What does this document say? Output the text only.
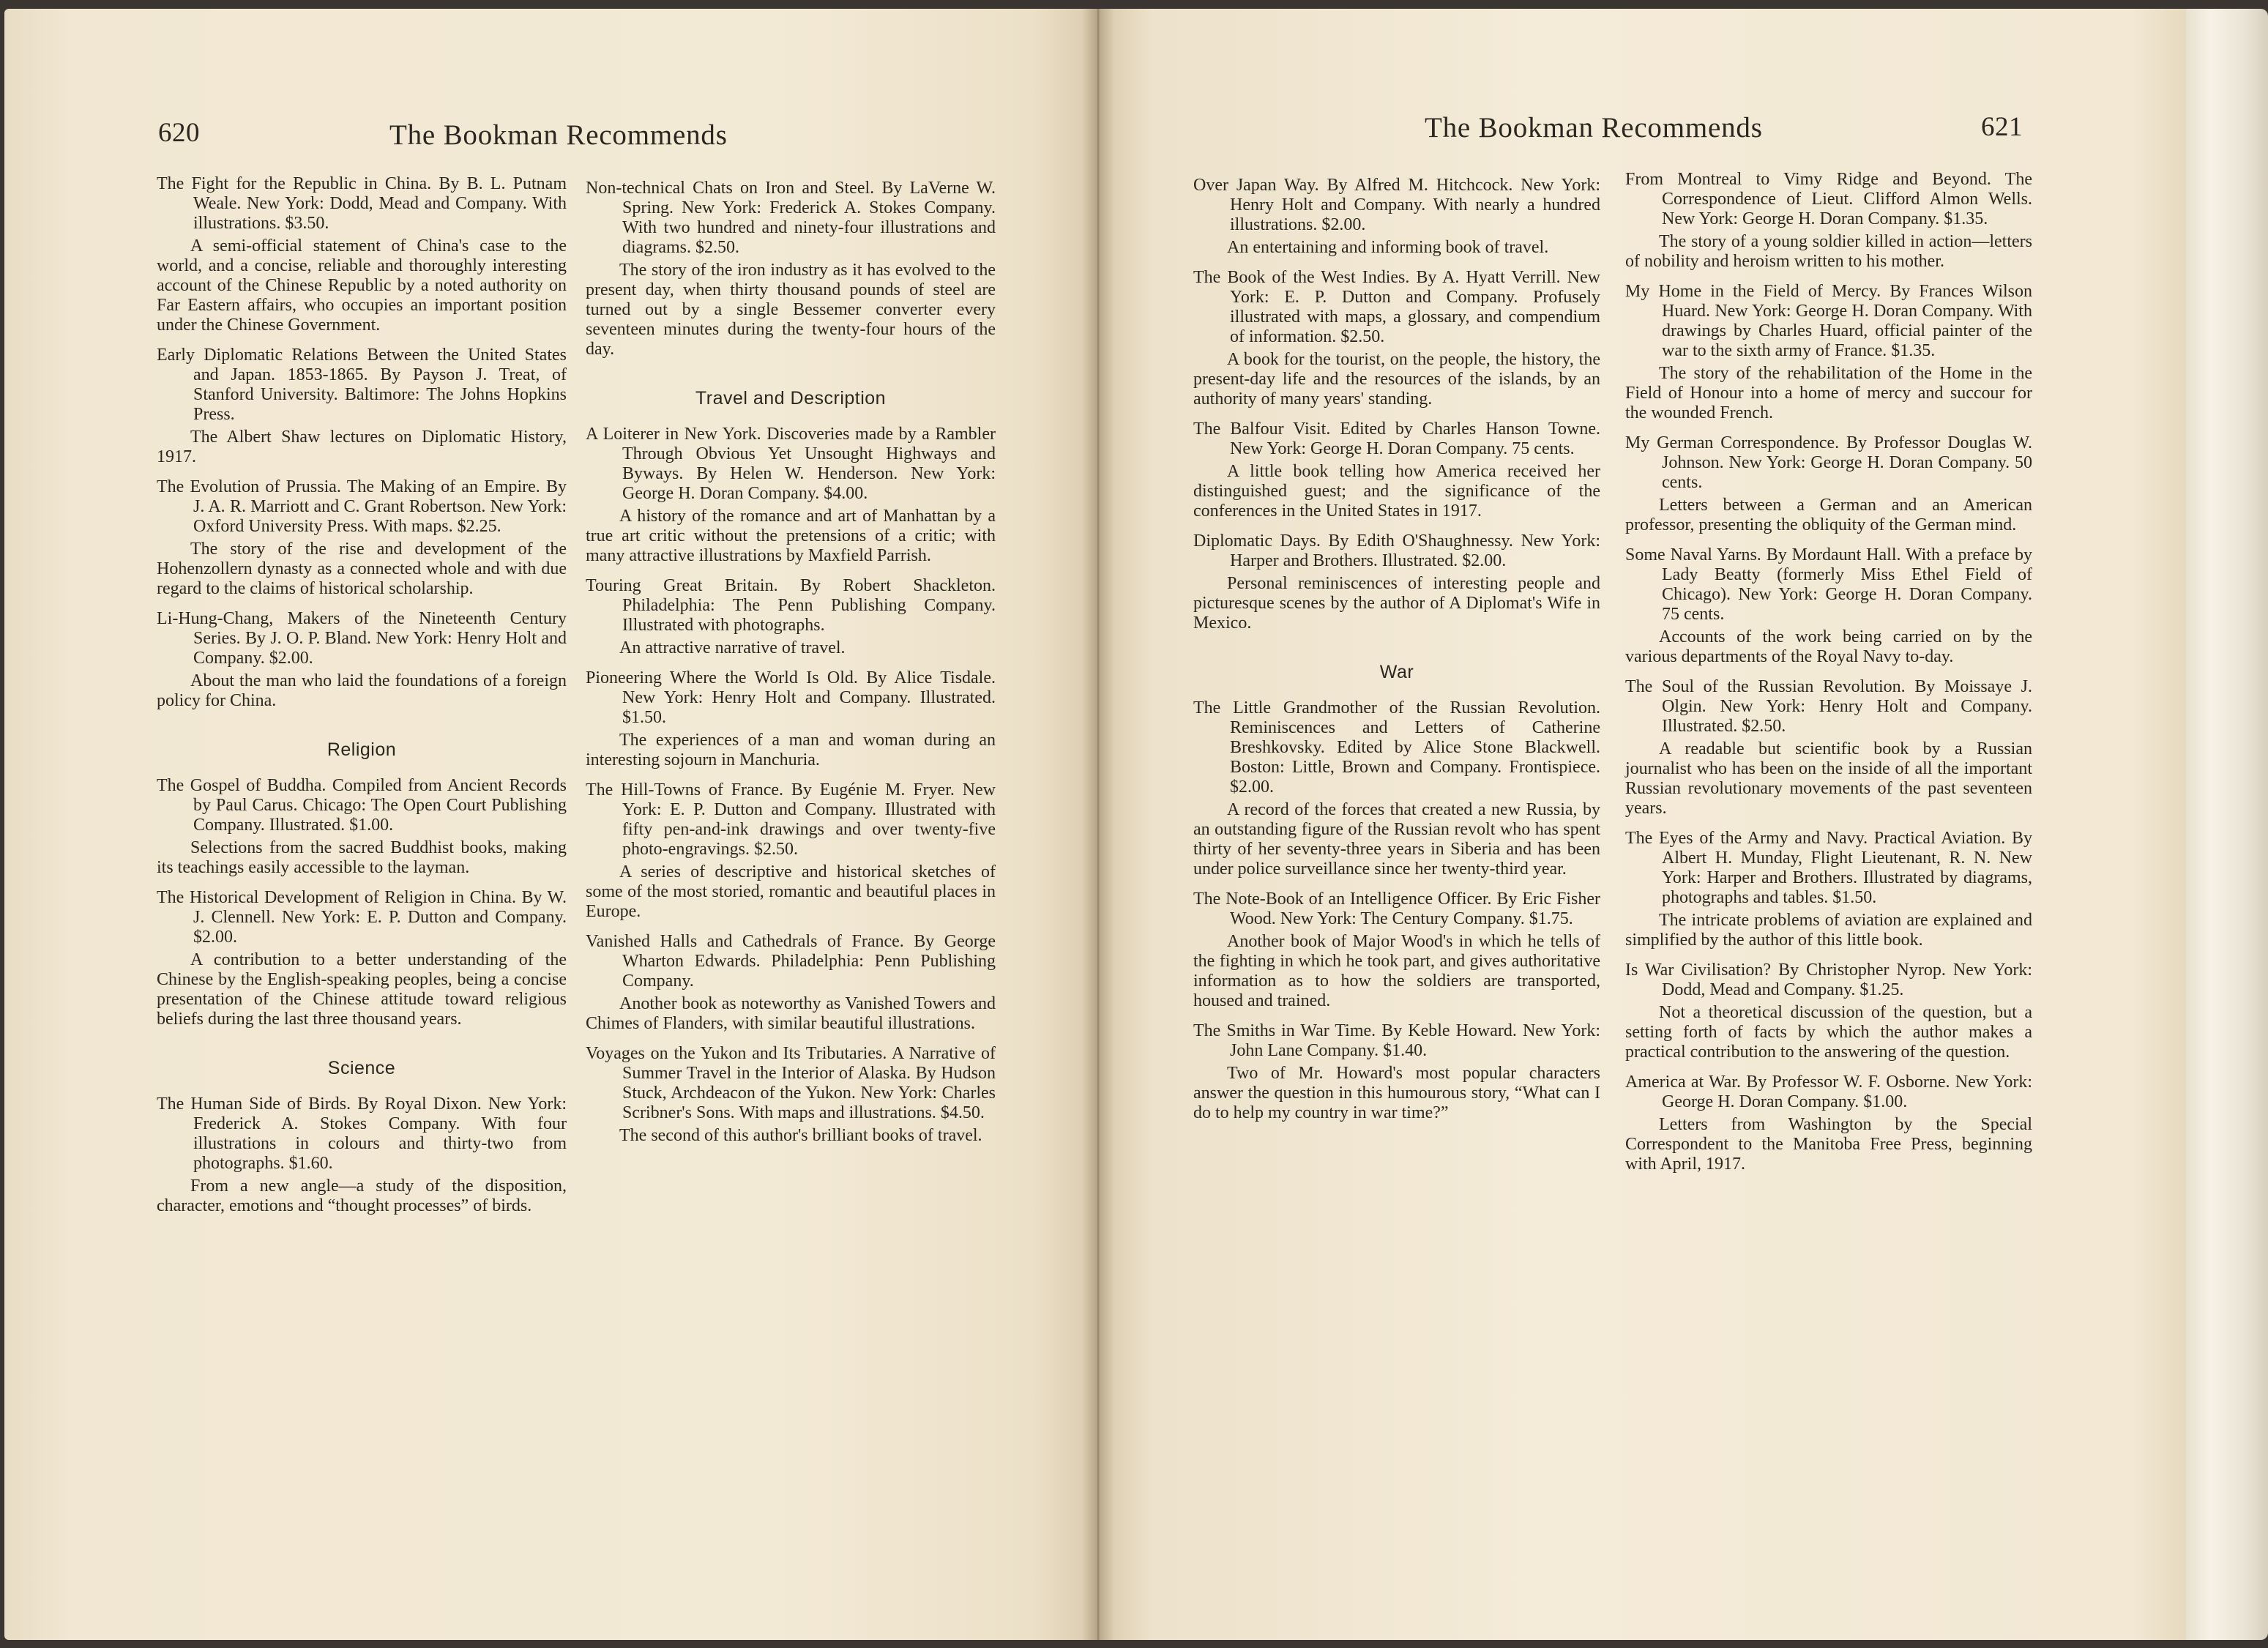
620	The Bookman Recommends

The Fight for the Republic in China. By B. L. Putnam Weale. New York: Dodd, Mead and Company. With illustrations. $3.50.

A semi-official statement of China's case to the world, and a concise, reliable and thoroughly interesting account of the Chinese Republic by a noted authority on Far Eastern affairs, who occupies an important position under the Chinese Government.

Early Diplomatic Relations Between the United States and Japan. 1853-1865. By Payson J. Treat, of Stanford University. Baltimore: The Johns Hopkins Press.

The Albert Shaw lectures on Diplomatic History, 1917.

The Evolution of Prussia. The Making of an Empire. By J. A. R. Marriott and C. Grant Robertson. New York: Oxford University Press. With maps. $2.25.

The story of the rise and development of the Hohenzollern dynasty as a connected whole and with due regard to the claims of historical scholarship.

Li-Hung-Chang, Makers of the Nineteenth Century Series. By J. O. P. Bland. New York: Henry Holt and Company. $2.00.

About the man who laid the foundations of a foreign policy for China.

Religion

The Gospel of Buddha. Compiled from Ancient Records by Paul Carus. Chicago: The Open Court Publishing Company. Illustrated. $1.00.

Selections from the sacred Buddhist books, making its teachings easily accessible to the layman.

The Historical Development of Religion in China. By W. J. Clennell. New York: E. P. Dutton and Company. $2.00.

A contribution to a better understanding of the Chinese by the English-speaking peoples, being a concise presentation of the Chinese attitude toward religious beliefs during the last three thousand years.

Science

The Human Side of Birds. By Royal Dixon. New York: Frederick A. Stokes Company. With four illustrations in colours and thirty-two from photographs. $1.60.

From a new angle—a study of the disposition, character, emotions and “thought processes” of birds.

Non-technical Chats on Iron and Steel. By LaVerne W. Spring. New York: Frederick A. Stokes Company. With two hundred and ninety-four illustrations and diagrams. $2.50.

The story of the iron industry as it has evolved to the present day, when thirty thousand pounds of steel are turned out by a single Bessemer converter every seventeen minutes during the twenty-four hours of the day.

Travel and Description

A Loiterer in New York. Discoveries made by a Rambler Through Obvious Yet Unsought Highways and Byways. By Helen W. Henderson. New York: George H. Doran Company. $4.00.

A history of the romance and art of Manhattan by a true art critic without the pretensions of a critic; with many attractive illustrations by Maxfield Parrish.

Touring Great Britain. By Robert Shackleton. Philadelphia: The Penn Publishing Company. Illustrated with photographs.

An attractive narrative of travel.

Pioneering Where the World Is Old. By Alice Tisdale. New York: Henry Holt and Company. Illustrated. $1.50.

The experiences of a man and woman during an interesting sojourn in Manchuria.

The Hill-Towns of France. By Eugénie M. Fryer. New York: E. P. Dutton and Company. Illustrated with fifty pen-and-ink drawings and over twenty-five photo-engravings. $2.50.

A series of descriptive and historical sketches of some of the most storied, romantic and beautiful places in Europe.

Vanished Halls and Cathedrals of France. By George Wharton Edwards. Philadelphia: Penn Publishing Company.

Another book as noteworthy as Vanished Towers and Chimes of Flanders, with similar beautiful illustrations.

Voyages on the Yukon and Its Tributaries. A Narrative of Summer Travel in the Interior of Alaska. By Hudson Stuck, Archdeacon of the Yukon. New York: Charles Scribner's Sons. With maps and illustrations. $4.50.

The second of this author's brilliant books of travel.

The Bookman Recommends	621

Over Japan Way. By Alfred M. Hitchcock. New York: Henry Holt and Company. With nearly a hundred illustrations. $2.00.

An entertaining and informing book of travel.

The Book of the West Indies. By A. Hyatt Verrill. New York: E. P. Dutton and Company. Profusely illustrated with maps, a glossary, and compendium of information. $2.50.

A book for the tourist, on the people, the history, the present-day life and the resources of the islands, by an authority of many years' standing.

The Balfour Visit. Edited by Charles Hanson Towne. New York: George H. Doran Company. 75 cents.

A little book telling how America received her distinguished guest; and the significance of the conferences in the United States in 1917.

Diplomatic Days. By Edith O'Shaughnessy. New York: Harper and Brothers. Illustrated. $2.00.

Personal reminiscences of interesting people and picturesque scenes by the author of A Diplomat's Wife in Mexico.

War

The Little Grandmother of the Russian Revolution. Reminiscences and Letters of Catherine Breshkovsky. Edited by Alice Stone Blackwell. Boston: Little, Brown and Company. Frontispiece. $2.00.

A record of the forces that created a new Russia, by an outstanding figure of the Russian revolt who has spent thirty of her seventy-three years in Siberia and has been under police surveillance since her twenty-third year.

The Note-Book of an Intelligence Officer. By Eric Fisher Wood. New York: The Century Company. $1.75.

Another book of Major Wood's in which he tells of the fighting in which he took part, and gives authoritative information as to how the soldiers are transported, housed and trained.

The Smiths in War Time. By Keble Howard. New York: John Lane Company. $1.40.

Two of Mr. Howard's most popular characters answer the question in this humourous story, “What can I do to help my country in war time?”

From Montreal to Vimy Ridge and Beyond. The Correspondence of Lieut. Clifford Almon Wells. New York: George H. Doran Company. $1.35.

The story of a young soldier killed in action—letters of nobility and heroism written to his mother.

My Home in the Field of Mercy. By Frances Wilson Huard. New York: George H. Doran Company. With drawings by Charles Huard, official painter of the war to the sixth army of France. $1.35.

The story of the rehabilitation of the Home in the Field of Honour into a home of mercy and succour for the wounded French.

My German Correspondence. By Professor Douglas W. Johnson. New York: George H. Doran Company. 50 cents.

Letters between a German and an American professor, presenting the obliquity of the German mind.

Some Naval Yarns. By Mordaunt Hall. With a preface by Lady Beatty (formerly Miss Ethel Field of Chicago). New York: George H. Doran Company. 75 cents.

Accounts of the work being carried on by the various departments of the Royal Navy to-day.

The Soul of the Russian Revolution. By Moissaye J. Olgin. New York: Henry Holt and Company. Illustrated. $2.50.

A readable but scientific book by a Russian journalist who has been on the inside of all the important Russian revolutionary movements of the past seventeen years.

The Eyes of the Army and Navy. Practical Aviation. By Albert H. Munday, Flight Lieutenant, R. N. New York: Harper and Brothers. Illustrated by diagrams, photographs and tables. $1.50.

The intricate problems of aviation are explained and simplified by the author of this little book.

Is War Civilisation? By Christopher Nyrop. New York: Dodd, Mead and Company. $1.25.

Not a theoretical discussion of the question, but a setting forth of facts by which the author makes a practical contribution to the answering of the question.

America at War. By Professor W. F. Osborne. New York: George H. Doran Company. $1.00.

Letters from Washington by the Special Correspondent to the Manitoba Free Press, beginning with April, 1917.
